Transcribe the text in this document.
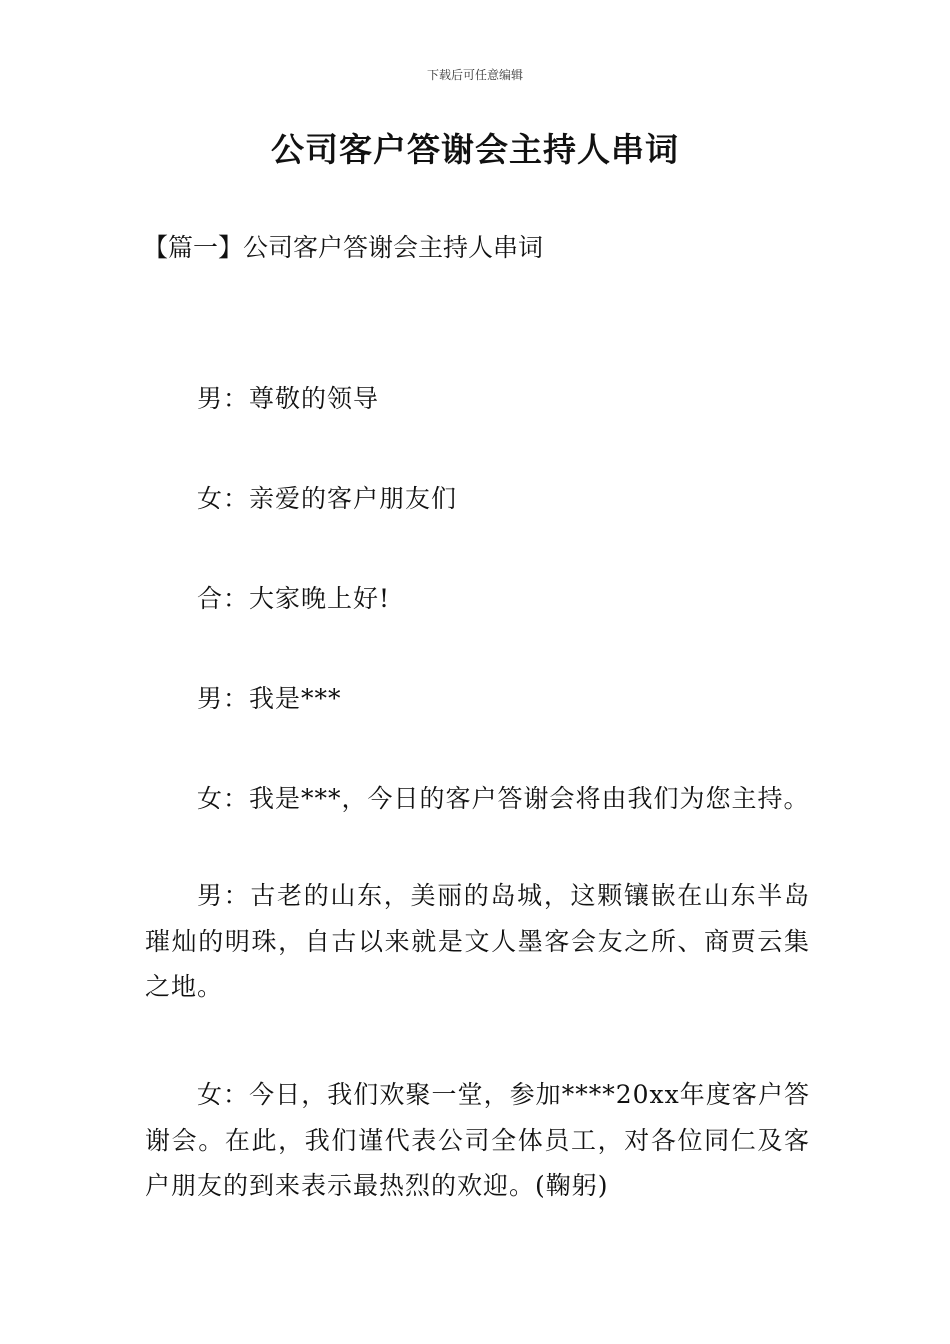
下载后可任意编辑
公司客户答谢会主持人串词
【篇一】公司客户答谢会主持人串词
男：尊敬的领导
女：亲爱的客户朋友们
合：大家晚上好!
男：我是***
女：我是***，今日的客户答谢会将由我们为您主持。
男：古老的山东，美丽的岛城，这颗镶嵌在山东半岛璀灿的明珠，自古以来就是文人墨客会友之所、商贾云集之地。
女：今日，我们欢聚一堂，参加****20xx年度客户答谢会。在此，我们谨代表公司全体员工，对各位同仁及客户朋友的到来表示最热烈的欢迎。(鞠躬)
